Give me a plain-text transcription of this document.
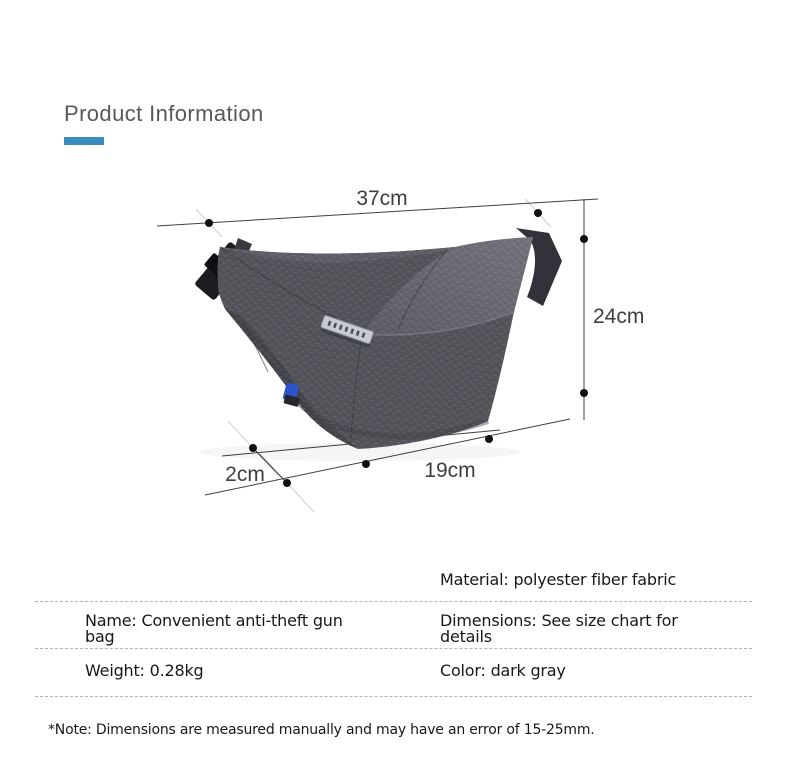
Product Information
37cm
24cm
2cm	19cm
Material: polyester fiber fabric
Name: Convenient anti-theft gun bag
Dimensions: See size chart for details
Weight: 0.28kg	Color: dark gray
*Note: Dimensions are measured manually and may have an error of 15-25mm.
